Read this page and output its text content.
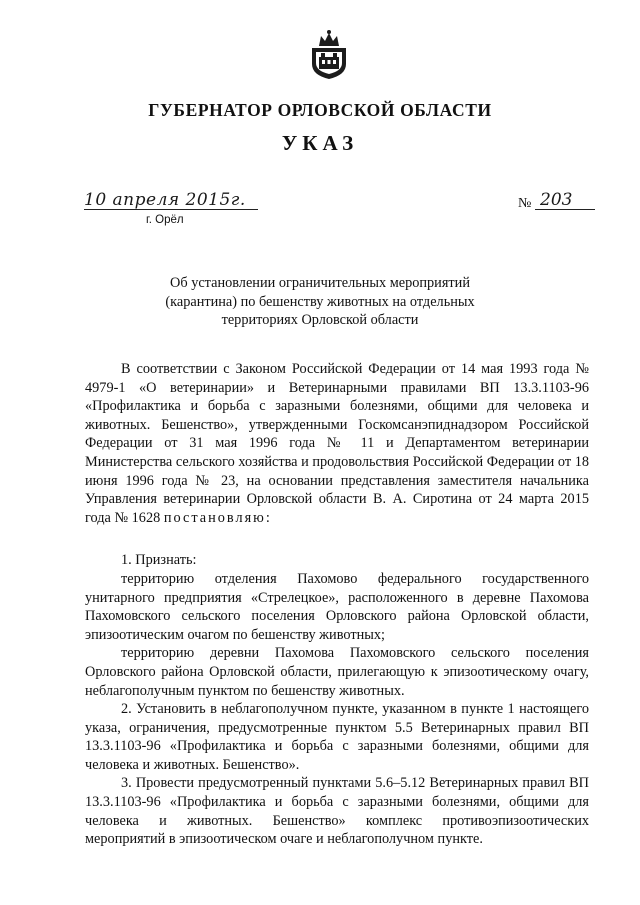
ГУБЕРНАТОР ОРЛОВСКОЙ ОБЛАСТИ
УКАЗ
10 апреля 2015г.
г. Орёл
№ 203
Об установлении ограничительных мероприятий
(карантина) по бешенству животных на отдельных
территориях Орловской области

В соответствии с Законом Российской Федерации от 14 мая 1993 года № 4979-1 «О ветеринарии» и Ветеринарными правилами ВП 13.3.1103-96 «Профилактика и борьба с заразными болезнями, общими для человека и животных. Бешенство», утвержденными Госкомсанэпиднадзором Российской Федерации от 31 мая 1996 года № 11 и Департаментом ветеринарии Министерства сельского хозяйства и продовольствия Российской Федерации от 18 июня 1996 года № 23, на основании представления заместителя начальника Управления ветеринарии Орловской области В. А. Сиротина от 24 марта 2015 года № 1628 постановляю:

1. Признать:

территорию отделения Пахомово федерального государственного унитарного предприятия «Стрелецкое», расположенного в деревне Пахомова Пахомовского сельского поселения Орловского района Орловской области, эпизоотическим очагом по бешенству животных;

территорию деревни Пахомова Пахомовского сельского поселения Орловского района Орловской области, прилегающую к эпизоотическому очагу, неблагополучным пунктом по бешенству животных.

2. Установить в неблагополучном пункте, указанном в пункте 1 настоящего указа, ограничения, предусмотренные пунктом 5.5 Ветеринарных правил ВП 13.3.1103-96 «Профилактика и борьба с заразными болезнями, общими для человека и животных. Бешенство».

3. Провести предусмотренный пунктами 5.6–5.12 Ветеринарных правил ВП 13.3.1103-96 «Профилактика и борьба с заразными болезнями, общими для человека и животных. Бешенство» комплекс противоэпизоотических мероприятий в эпизоотическом очаге и неблагополучном пункте.
